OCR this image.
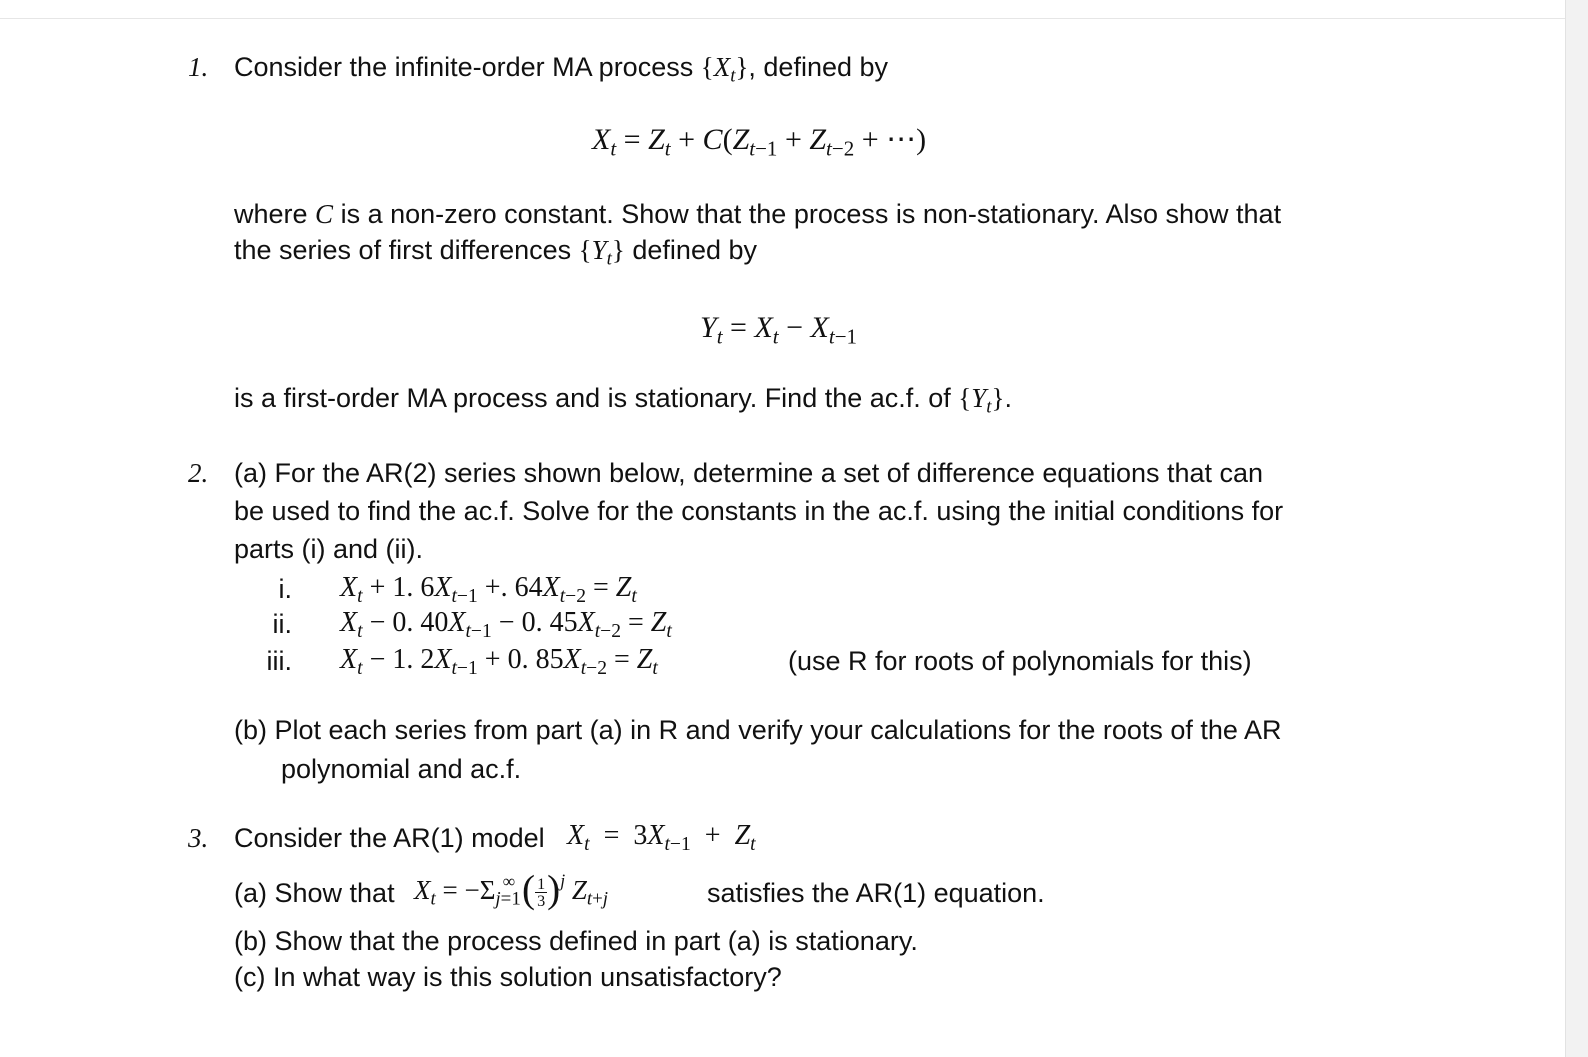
1. Consider the infinite-order MA process $\{X_t\}$, defined by
$X_t = Z_t + C(Z_{t-1} + Z_{t-2}$ + ⋯)
where C is a non-zero constant. Show that the process is non-stationary. Also show that
the series of first differences $\{Y_t\}$ defined by
$Y_t = X_t - X_{t-1}$
is a first-order MA process and is stationary. Find the ac.f. of $\{Y_t\}$.
2. (a) For the AR(2) series shown below, determine a set of difference equations that can
be used to find the ac.f. Solve for the constants in the ac.f. using the initial conditions for
parts (i) and (ii).
i. $X_t + 1$. $6X_{t-1}$ +. $64X_{t-2} = Z_t$
ii. $X_t - 0$. $40X_{t-1} - 0$. $45X_{t-2} = Z_t$
iii. $X_t - 1$. $2X_{t-1} + 0$. $85X_{t-2} = Z_t$	(use R for roots of polynomials for this)
(b) Plot each series from part (a) in R and verify your calculations for the roots of the AR
polynomial and ac.f.
3. Consider the AR(1) model $X_t = 3X_{t-1} + Z_t$
(a) Show that $X_t = -\Sigma_{j=1}^\infty$ ( $\frac{1}{3} )^j$ $Z_{t+j}$	satisfies the AR(1) equation.
(b) Show that the process defined in part (a) is stationary.
(c) In what way is this solution unsatisfactory?
